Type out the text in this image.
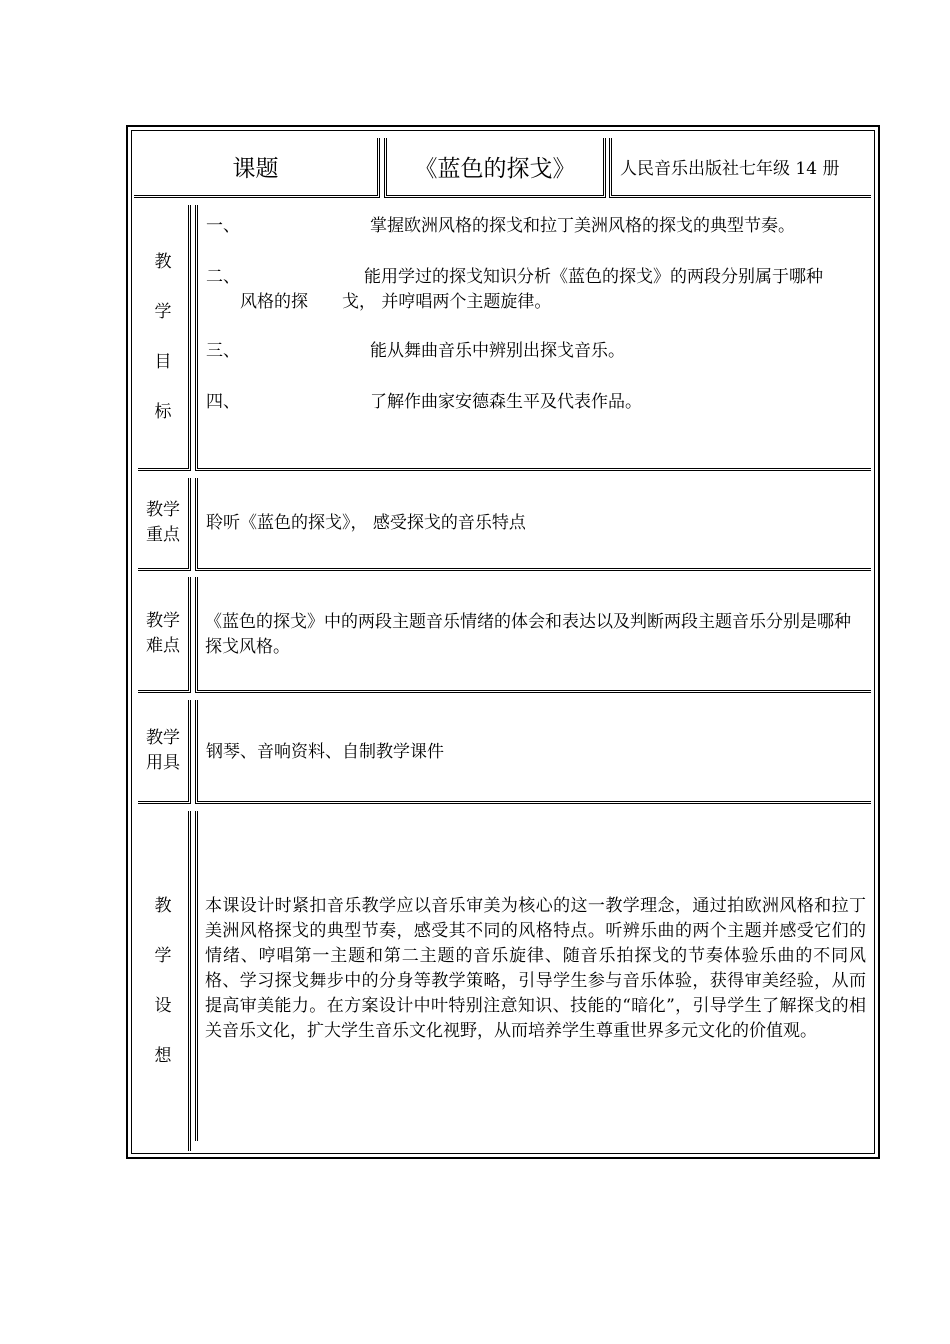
课题	《蓝色的探戈》	人民音乐出版社七年级 14 册
教
学
目
标
一、	掌握欧洲风格的探戈和拉丁美洲风格的探戈的典型节奏。
二、	能用学过的探戈知识分析《蓝色的探戈》的两段分别属于哪种
风格的探　　戈， 并哼唱两个主题旋律。
三、	能从舞曲音乐中辨别出探戈音乐。
四、	了解作曲家安德森生平及代表作品。
教学
重点
聆听《蓝色的探戈》， 感受探戈的音乐特点
教学
难点
《蓝色的探戈》中的两段主题音乐情绪的体会和表达以及判断两段主题音乐分别是哪种探戈风格。
教学
用具
钢琴、音响资料、自制教学课件
教
学
设
想
本课设计时紧扣音乐教学应以音乐审美为核心的这一教学理念，通过拍欧洲风格和拉丁美洲风格探戈的典型节奏，感受其不同的风格特点。听辨乐曲的两个主题并感受它们的情绪、哼唱第一主题和第二主题的音乐旋律、随音乐拍探戈的节奏体验乐曲的不同风格、学习探戈舞步中的分身等教学策略，引导学生参与音乐体验，获得审美经验，从而提高审美能力。在方案设计中叶特别注意知识、技能的“暗化”，引导学生了解探戈的相关音乐文化，扩大学生音乐文化视野，从而培养学生尊重世界多元文化的价值观。
